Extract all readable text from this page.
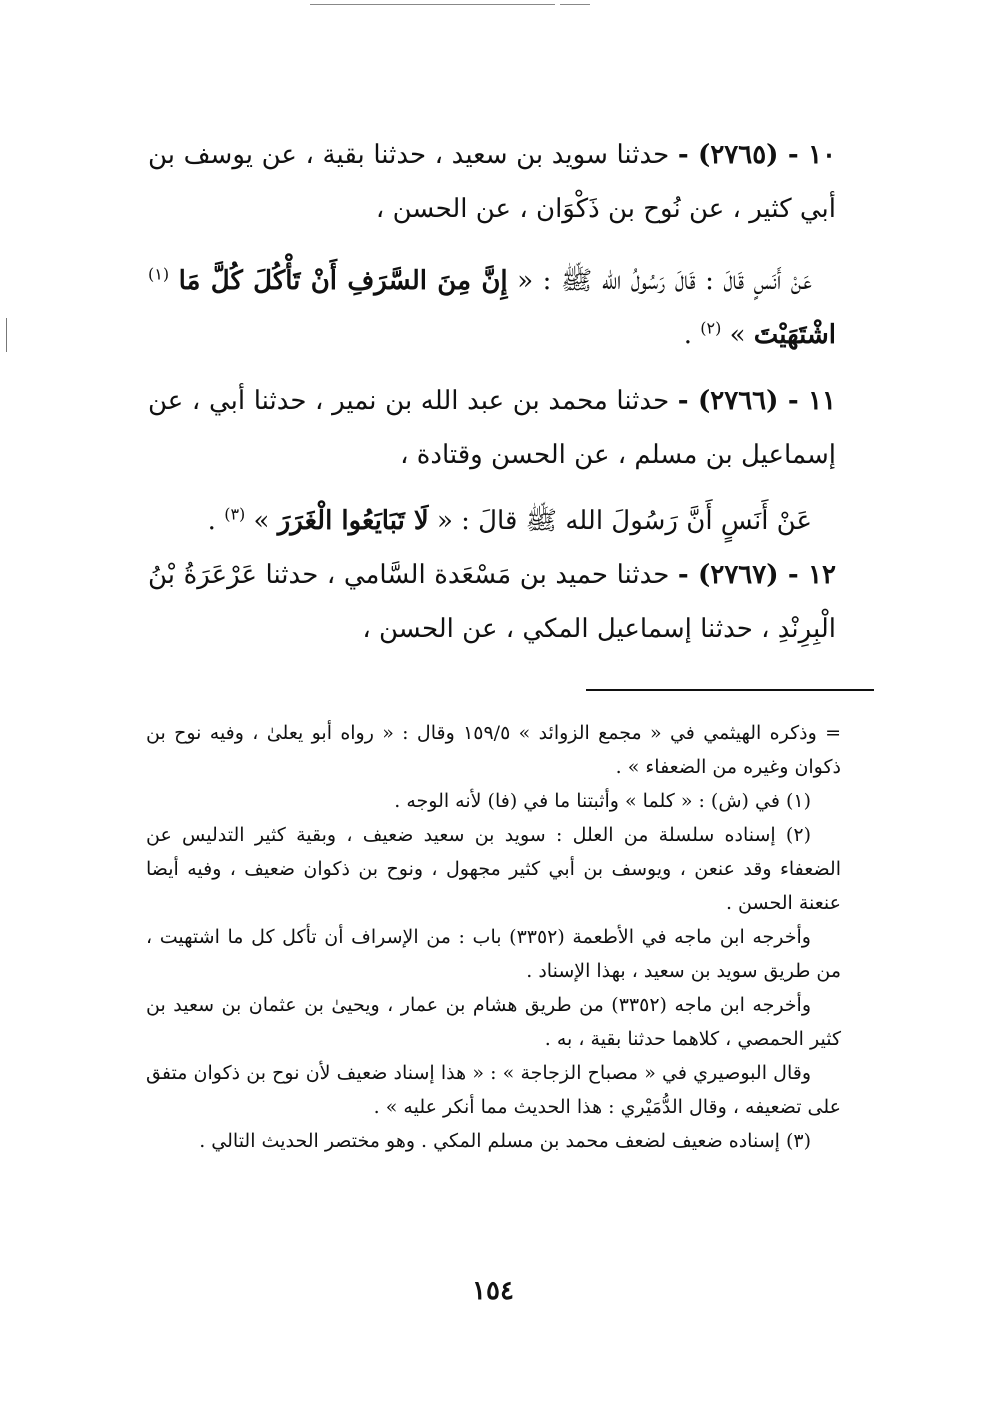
١٠ - (٢٧٦٥) - حدثنا سويد بن سعيد ، حدثنا بقية ، عن يوسف بن أبي كثير ، عن نُوح بن ذَكْوَان ، عن الحسن ،

عَنْ أَنَسٍ قَالَ : قَالَ رَسُولُ الله ﷺ : « إِنَّ مِنَ السَّرَفِ أَنْ تَأْكُلَ كُلَّ مَا $^{(١)}$ اشْتَهَيْتَ » $^{(٢)}$ .

١١ - (٢٧٦٦) - حدثنا محمد بن عبد الله بن نمير ، حدثنا أبي ، عن إسماعيل بن مسلم ، عن الحسن وقتادة ،

عَنْ أَنَسٍ أَنَّ رَسُولَ الله ﷺ قالَ : « لَا تَبَايَعُوا الْغَرَرَ » $^{(٣)}$ .

١٢ - (٢٧٦٧) - حدثنا حميد بن مَسْعَدة السَّامي ، حدثنا عَرْعَرَةُ بْنُ الْبِرِنْدِ ، حدثنا إسماعيل المكي ، عن الحسن ،

= وذكره الهيثمي في « مجمع الزوائد » ١٥٩/٥ وقال : « رواه أبو يعلىٰ ، وفيه نوح بن ذكوان وغيره من الضعفاء » .

(١) في (ش) : « كلما » وأثبتنا ما في (فا) لأنه الوجه .

(٢) إسناده سلسلة من العلل : سويد بن سعيد ضعيف ، وبقية كثير التدليس عن الضعفاء وقد عنعن ، ويوسف بن أبي كثير مجهول ، ونوح بن ذكوان ضعيف ، وفيه أيضا عنعنة الحسن .

وأخرجه ابن ماجه في الأطعمة (٣٣٥٢) باب : من الإسراف أن تأكل كل ما اشتهيت ، من طريق سويد بن سعيد ، بهذا الإسناد .

وأخرجه ابن ماجه (٣٣٥٢) من طريق هشام بن عمار ، ويحيىٰ بن عثمان بن سعيد بن كثير الحمصي ، كلاهما حدثنا بقية ، به .

وقال البوصيري في « مصباح الزجاجة » : « هذا إسناد ضعيف لأن نوح بن ذكوان متفق على تضعيفه ، وقال الدُّمَيْري : هذا الحديث مما أنكر عليه » .

(٣) إسناده ضعيف لضعف محمد بن مسلم المكي . وهو مختصر الحديث التالي .

١٥٤
